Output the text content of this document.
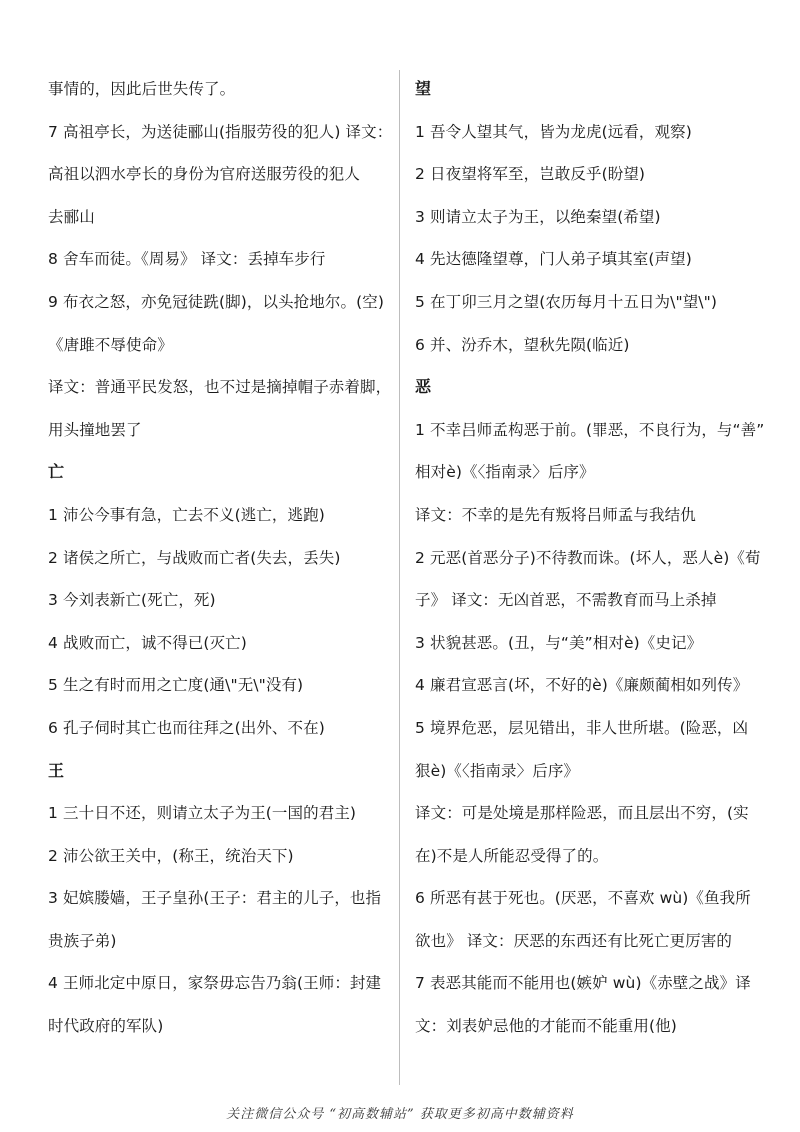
事情的，因此后世失传了。
7 高祖亭长，为送徒郦山(指服劳役的犯人) 译文：
高祖以泗水亭长的身份为官府送服劳役的犯人
去郦山
8 舍车而徒。《周易》 译文：丢掉车步行
9 布衣之怒，亦免冠徒跣(脚)，以头抢地尔。(空)
《唐雎不辱使命》
译文：普通平民发怒，也不过是摘掉帽子赤着脚，
用头撞地罢了
亡
1 沛公今事有急，亡去不义(逃亡，逃跑)
2 诸侯之所亡，与战败而亡者(失去，丢失)
3 今刘表新亡(死亡，死)
4 战败而亡，诚不得已(灭亡)
5 生之有时而用之亡度(通\"无\"没有)
6 孔子伺时其亡也而往拜之(出外、不在)
王
1 三十日不还，则请立太子为王(一国的君主)
2 沛公欲王关中，(称王，统治天下)
3 妃嫔媵嫱，王子皇孙(王子：君主的儿子，也指
贵族子弟)
4 王师北定中原日，家祭毋忘告乃翁(王师：封建
时代政府的军队)
望
1 吾令人望其气，皆为龙虎(远看，观察)
2 日夜望将军至，岂敢反乎(盼望)
3 则请立太子为王，以绝秦望(希望)
4 先达德隆望尊，门人弟子填其室(声望)
5 在丁卯三月之望(农历每月十五日为\"望\")
6 并、汾乔木，望秋先陨(临近)
恶
1 不幸吕师孟构恶于前。(罪恶，不良行为，与“善”
相对è)《〈指南录〉后序》
译文：不幸的是先有叛将吕师孟与我结仇
2 元恶(首恶分子)不待教而诛。(坏人，恶人è)《荀
子》 译文：无凶首恶，不需教育而马上杀掉
3 状貌甚恶。(丑，与“美”相对è)《史记》
4 廉君宣恶言(坏，不好的è)《廉颇蔺相如列传》
5 境界危恶，层见错出，非人世所堪。(险恶，凶
狠è)《〈指南录〉后序》
译文：可是处境是那样险恶，而且层出不穷，(实
在)不是人所能忍受得了的。
6 所恶有甚于死也。(厌恶，不喜欢 wù)《鱼我所
欲也》 译文：厌恶的东西还有比死亡更厉害的
7 表恶其能而不能用也(嫉妒 wù)《赤壁之战》译
文：刘表妒忌他的才能而不能重用(他)
关注微信公众号 “初高数辅站” 获取更多初高中数辅资料
